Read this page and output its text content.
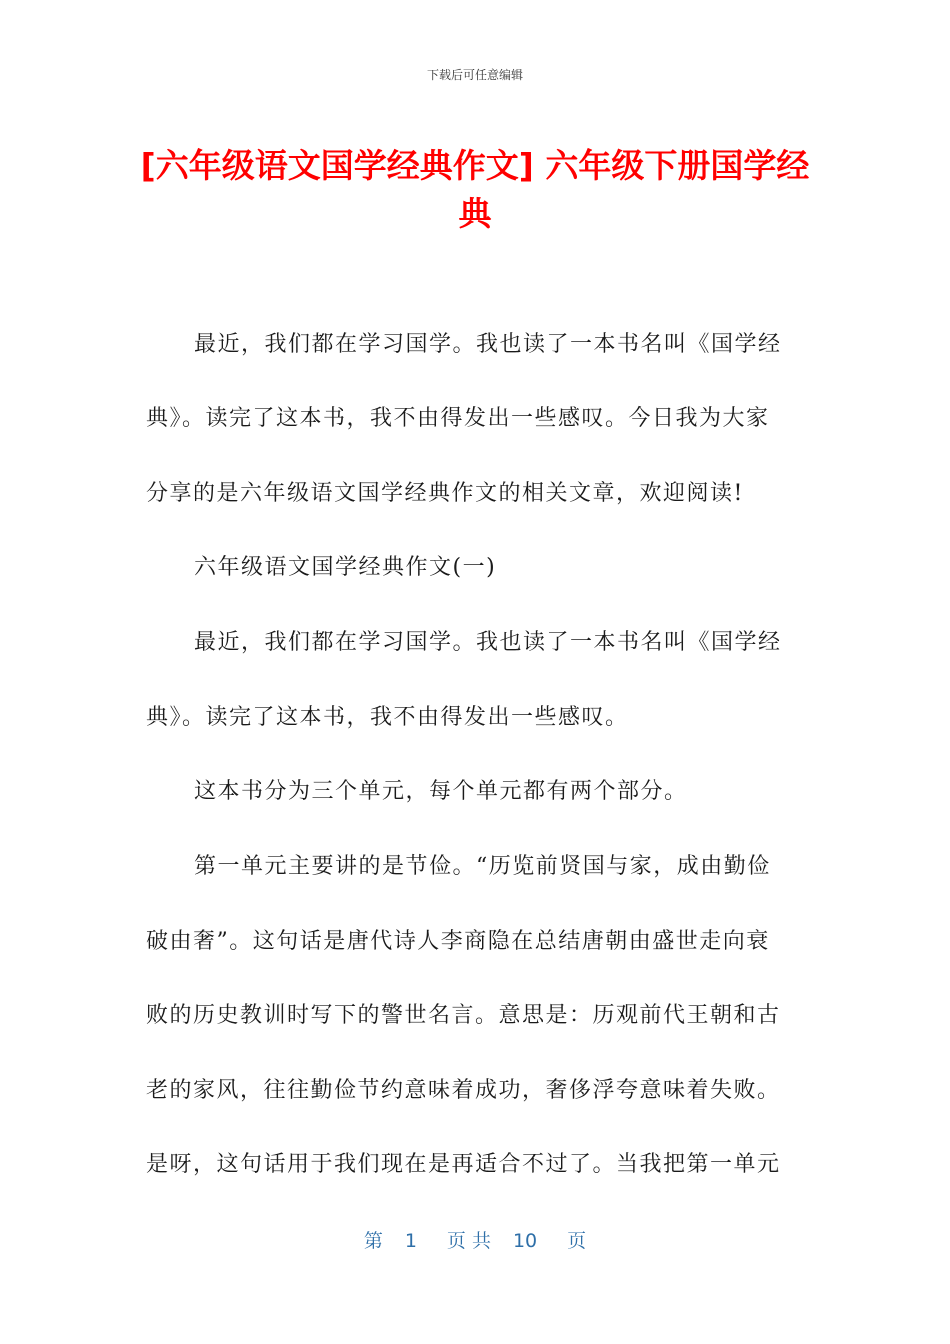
下载后可任意编辑
[六年级语文国学经典作文] 六年级下册国学经典
最近，我们都在学习国学。我也读了一本书名叫《国学经
典》。读完了这本书，我不由得发出一些感叹。今日我为大家
分享的是六年级语文国学经典作文的相关文章，欢迎阅读!
六年级语文国学经典作文(一)
最近，我们都在学习国学。我也读了一本书名叫《国学经
典》。读完了这本书，我不由得发出一些感叹。
这本书分为三个单元，每个单元都有两个部分。
第一单元主要讲的是节俭。“历览前贤国与家，成由勤俭
破由奢”。这句话是唐代诗人李商隐在总结唐朝由盛世走向衰
败的历史教训时写下的警世名言。意思是：历观前代王朝和古
老的家风，往往勤俭节约意味着成功，奢侈浮夸意味着失败。
是呀，这句话用于我们现在是再适合不过了。当我把第一单元
第 1 页 共 10 页
